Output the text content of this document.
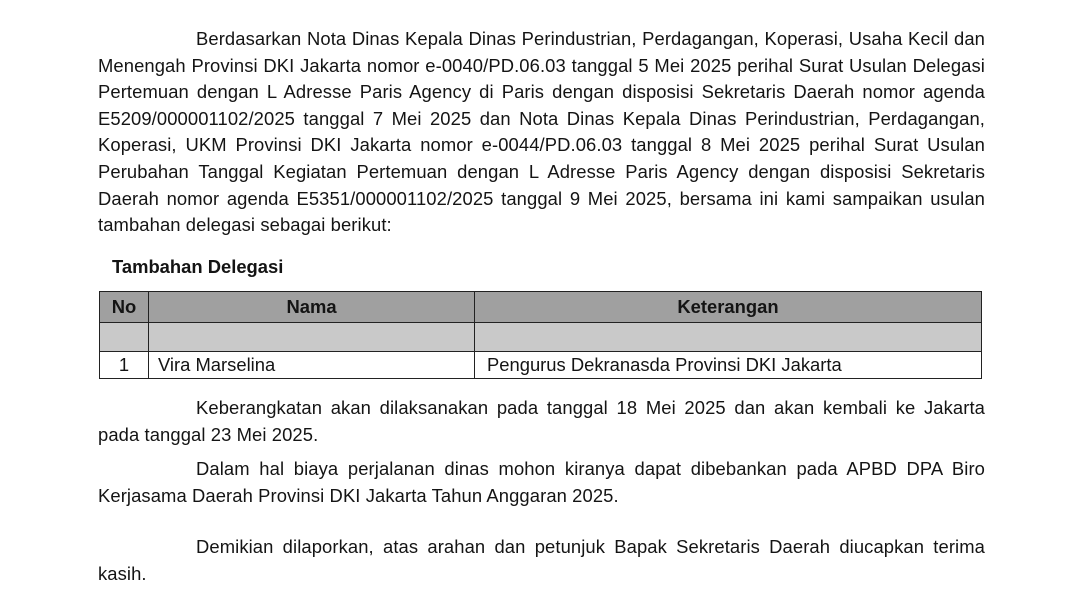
Berdasarkan Nota Dinas Kepala Dinas Perindustrian, Perdagangan, Koperasi, Usaha Kecil dan Menengah Provinsi DKI Jakarta nomor e-0040/PD.06.03 tanggal 5 Mei 2025 perihal Surat Usulan Delegasi Pertemuan dengan L Adresse Paris Agency di Paris dengan disposisi Sekretaris Daerah nomor agenda E5209/000001102/2025 tanggal 7 Mei 2025 dan Nota Dinas Kepala Dinas Perindustrian, Perdagangan, Koperasi, UKM Provinsi DKI Jakarta nomor e-0044/PD.06.03 tanggal 8 Mei 2025 perihal Surat Usulan Perubahan Tanggal Kegiatan Pertemuan dengan L Adresse Paris Agency dengan disposisi Sekretaris Daerah nomor agenda E5351/000001102/2025 tanggal 9 Mei 2025, bersama ini kami sampaikan usulan tambahan delegasi sebagai berikut:

Tambahan Delegasi
No	Nama	Keterangan

1	Vira Marselina	Pengurus Dekranasda Provinsi DKI Jakarta

Keberangkatan akan dilaksanakan pada tanggal 18 Mei 2025 dan akan kembali ke Jakarta pada tanggal 23 Mei 2025.

Dalam hal biaya perjalanan dinas mohon kiranya dapat dibebankan pada APBD DPA Biro Kerjasama Daerah Provinsi DKI Jakarta Tahun Anggaran 2025.

Demikian dilaporkan, atas arahan dan petunjuk Bapak Sekretaris Daerah diucapkan terima kasih.
